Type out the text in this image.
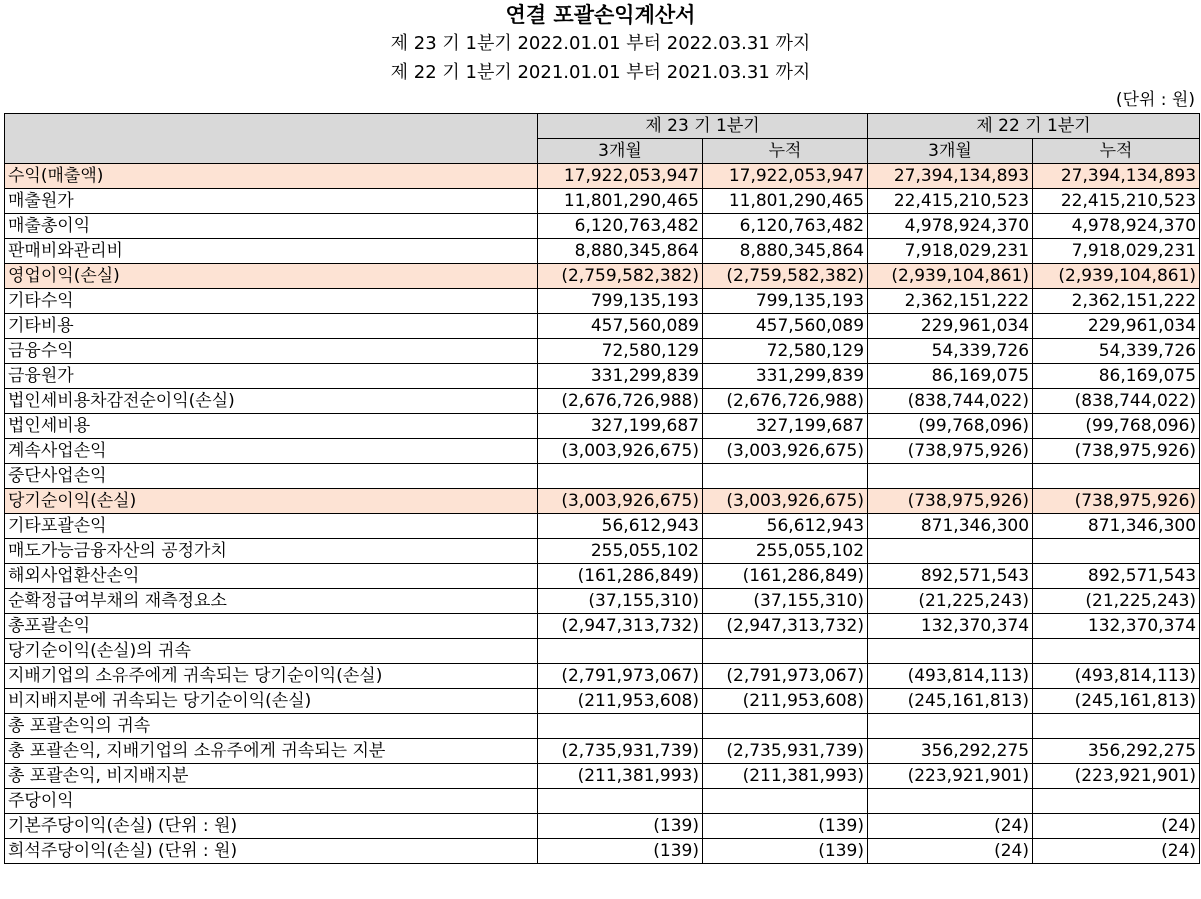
연결 포괄손익계산서
제 23 기 1분기 2022.01.01 부터 2022.03.31 까지
제 22 기 1분기 2021.01.01 부터 2021.03.31 까지
(단위 : 원)
	제 23 기 1분기		제 22 기 1분기	
	3개월	누적	3개월	누적
수익(매출액)	17,922,053,947	17,922,053,947	27,394,134,893	27,394,134,893
매출원가	11,801,290,465	11,801,290,465	22,415,210,523	22,415,210,523
매출총이익	6,120,763,482	6,120,763,482	4,978,924,370	4,978,924,370
판매비와관리비	8,880,345,864	8,880,345,864	7,918,029,231	7,918,029,231
영업이익(손실)	(2,759,582,382)	(2,759,582,382)	(2,939,104,861)	(2,939,104,861)
기타수익	799,135,193	799,135,193	2,362,151,222	2,362,151,222
기타비용	457,560,089	457,560,089	229,961,034	229,961,034
금융수익	72,580,129	72,580,129	54,339,726	54,339,726
금융원가	331,299,839	331,299,839	86,169,075	86,169,075
법인세비용차감전순이익(손실)	(2,676,726,988)	(2,676,726,988)	(838,744,022)	(838,744,022)
법인세비용	327,199,687	327,199,687	(99,768,096)	(99,768,096)
계속사업손익	(3,003,926,675)	(3,003,926,675)	(738,975,926)	(738,975,926)
중단사업손익				
당기순이익(손실)	(3,003,926,675)	(3,003,926,675)	(738,975,926)	(738,975,926)
기타포괄손익	56,612,943	56,612,943	871,346,300	871,346,300
매도가능금융자산의 공정가치	255,055,102	255,055,102		
해외사업환산손익	(161,286,849)	(161,286,849)	892,571,543	892,571,543
순확정급여부채의 재측정요소	(37,155,310)	(37,155,310)	(21,225,243)	(21,225,243)
총포괄손익	(2,947,313,732)	(2,947,313,732)	132,370,374	132,370,374
당기순이익(손실)의 귀속				
지배기업의 소유주에게 귀속되는 당기순이익(손실)	(2,791,973,067)	(2,791,973,067)	(493,814,113)	(493,814,113)
비지배지분에 귀속되는 당기순이익(손실)	(211,953,608)	(211,953,608)	(245,161,813)	(245,161,813)
총 포괄손익의 귀속				
총 포괄손익, 지배기업의 소유주에게 귀속되는 지분	(2,735,931,739)	(2,735,931,739)	356,292,275	356,292,275
총 포괄손익, 비지배지분	(211,381,993)	(211,381,993)	(223,921,901)	(223,921,901)
주당이익				
기본주당이익(손실) (단위 : 원)	(139)	(139)	(24)	(24)
희석주당이익(손실) (단위 : 원)	(139)	(139)	(24)	(24)
